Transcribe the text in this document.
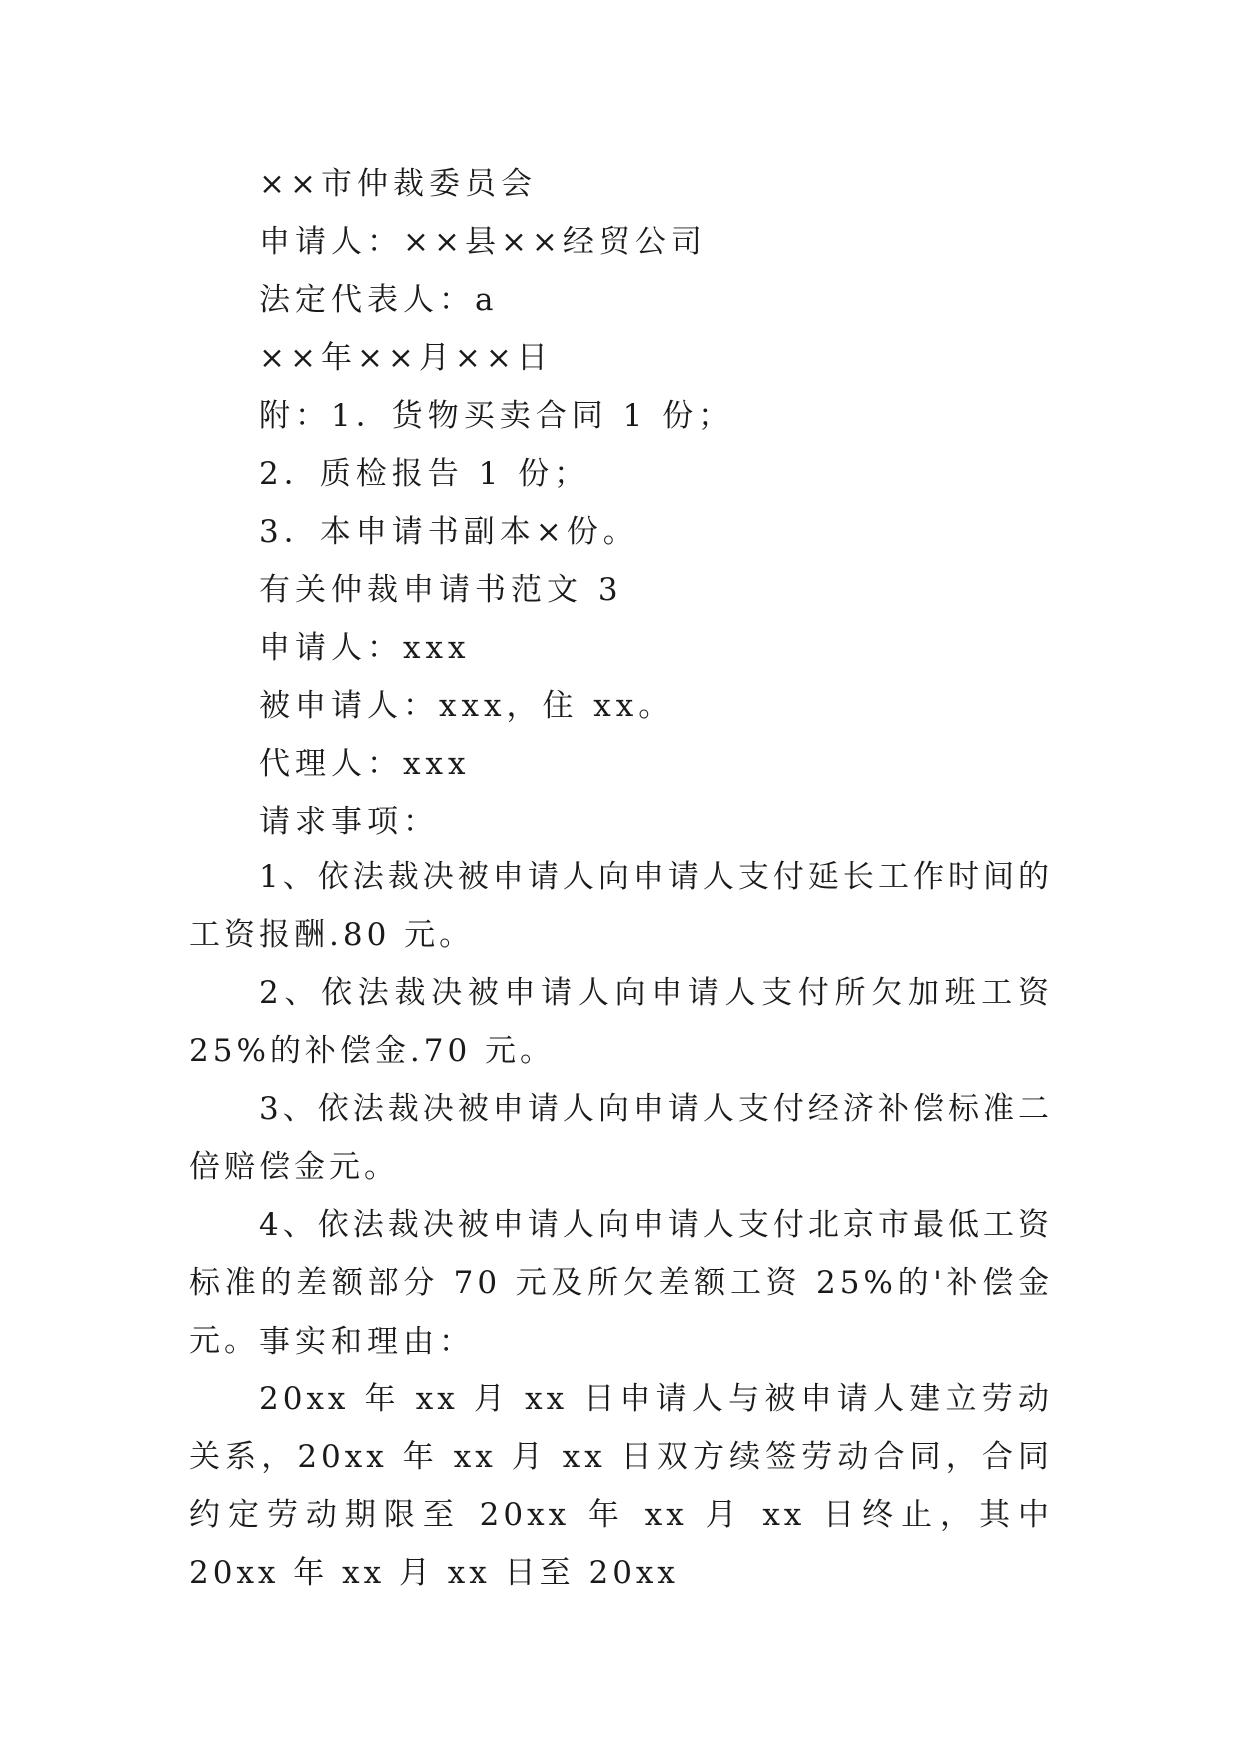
××市仲裁委员会
申请人：××县××经贸公司
法定代表人：a
××年××月××日
附：1．货物买卖合同 1 份；
2．质检报告 1 份；
3．本申请书副本×份。
有关仲裁申请书范文 3
申请人：xxx
被申请人：xxx，住 xx。
代理人：xxx
请求事项：

1、依法裁决被申请人向申请人支付延长工作时间的工资报酬.80 元。

2、依法裁决被申请人向申请人支付所欠加班工资 25%的补偿金.70 元。

3、依法裁决被申请人向申请人支付经济补偿标准二倍赔偿金元。

4、依法裁决被申请人向申请人支付北京市最低工资标准的差额部分 70 元及所欠差额工资 25%的'补偿金元。 事实和理由：

20xx 年 xx 月 xx 日申请人与被申请人建立劳动关系，20xx 年 xx 月 xx 日双方续签劳动合同，合同约定劳动期限至 20xx 年 xx 月 xx 日终止，其中 20xx 年 xx 月 xx 日至 20xx
